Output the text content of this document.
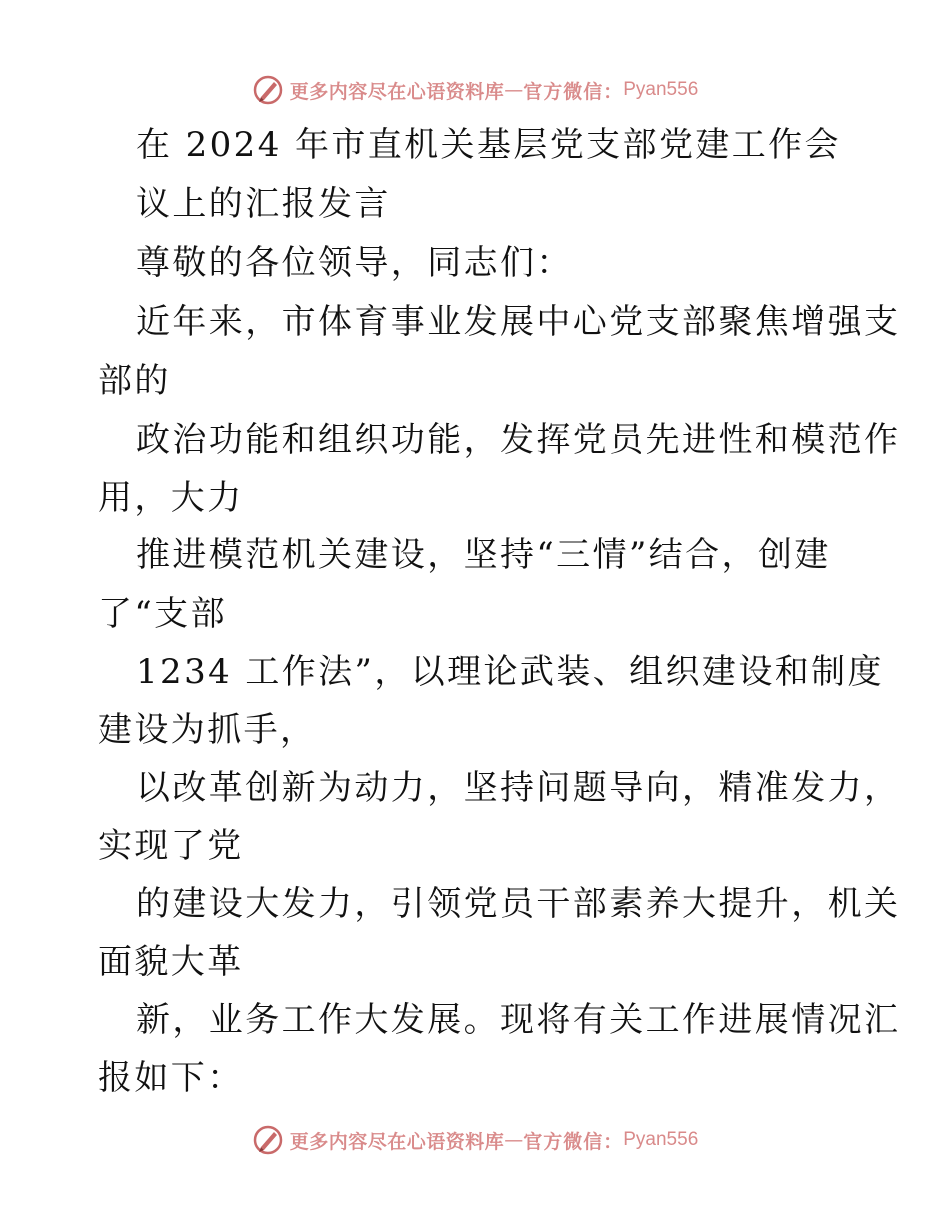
更多内容尽在心语资料库 — 官方微信： Pyan556
在 2024 年市直机关基层党支部党建工作会
议上的汇报发言
尊敬的各位领导，同志们：
近年来，市体育事业发展中心党支部聚焦增强支
部的
政治功能和组织功能，发挥党员先进性和模范作
用，大力
推进模范机关建设，坚持“三情”结合，创建
了“支部
1234 工作法”，以理论武装、组织建设和制度
建设为抓手，
以改革创新为动力，坚持问题导向，精准发力，
实现了党
的建设大发力，引领党员干部素养大提升，机关
面貌大革
新，业务工作大发展。现将有关工作进展情况汇
报如下：
更多内容尽在心语资料库 — 官方微信： Pyan556
